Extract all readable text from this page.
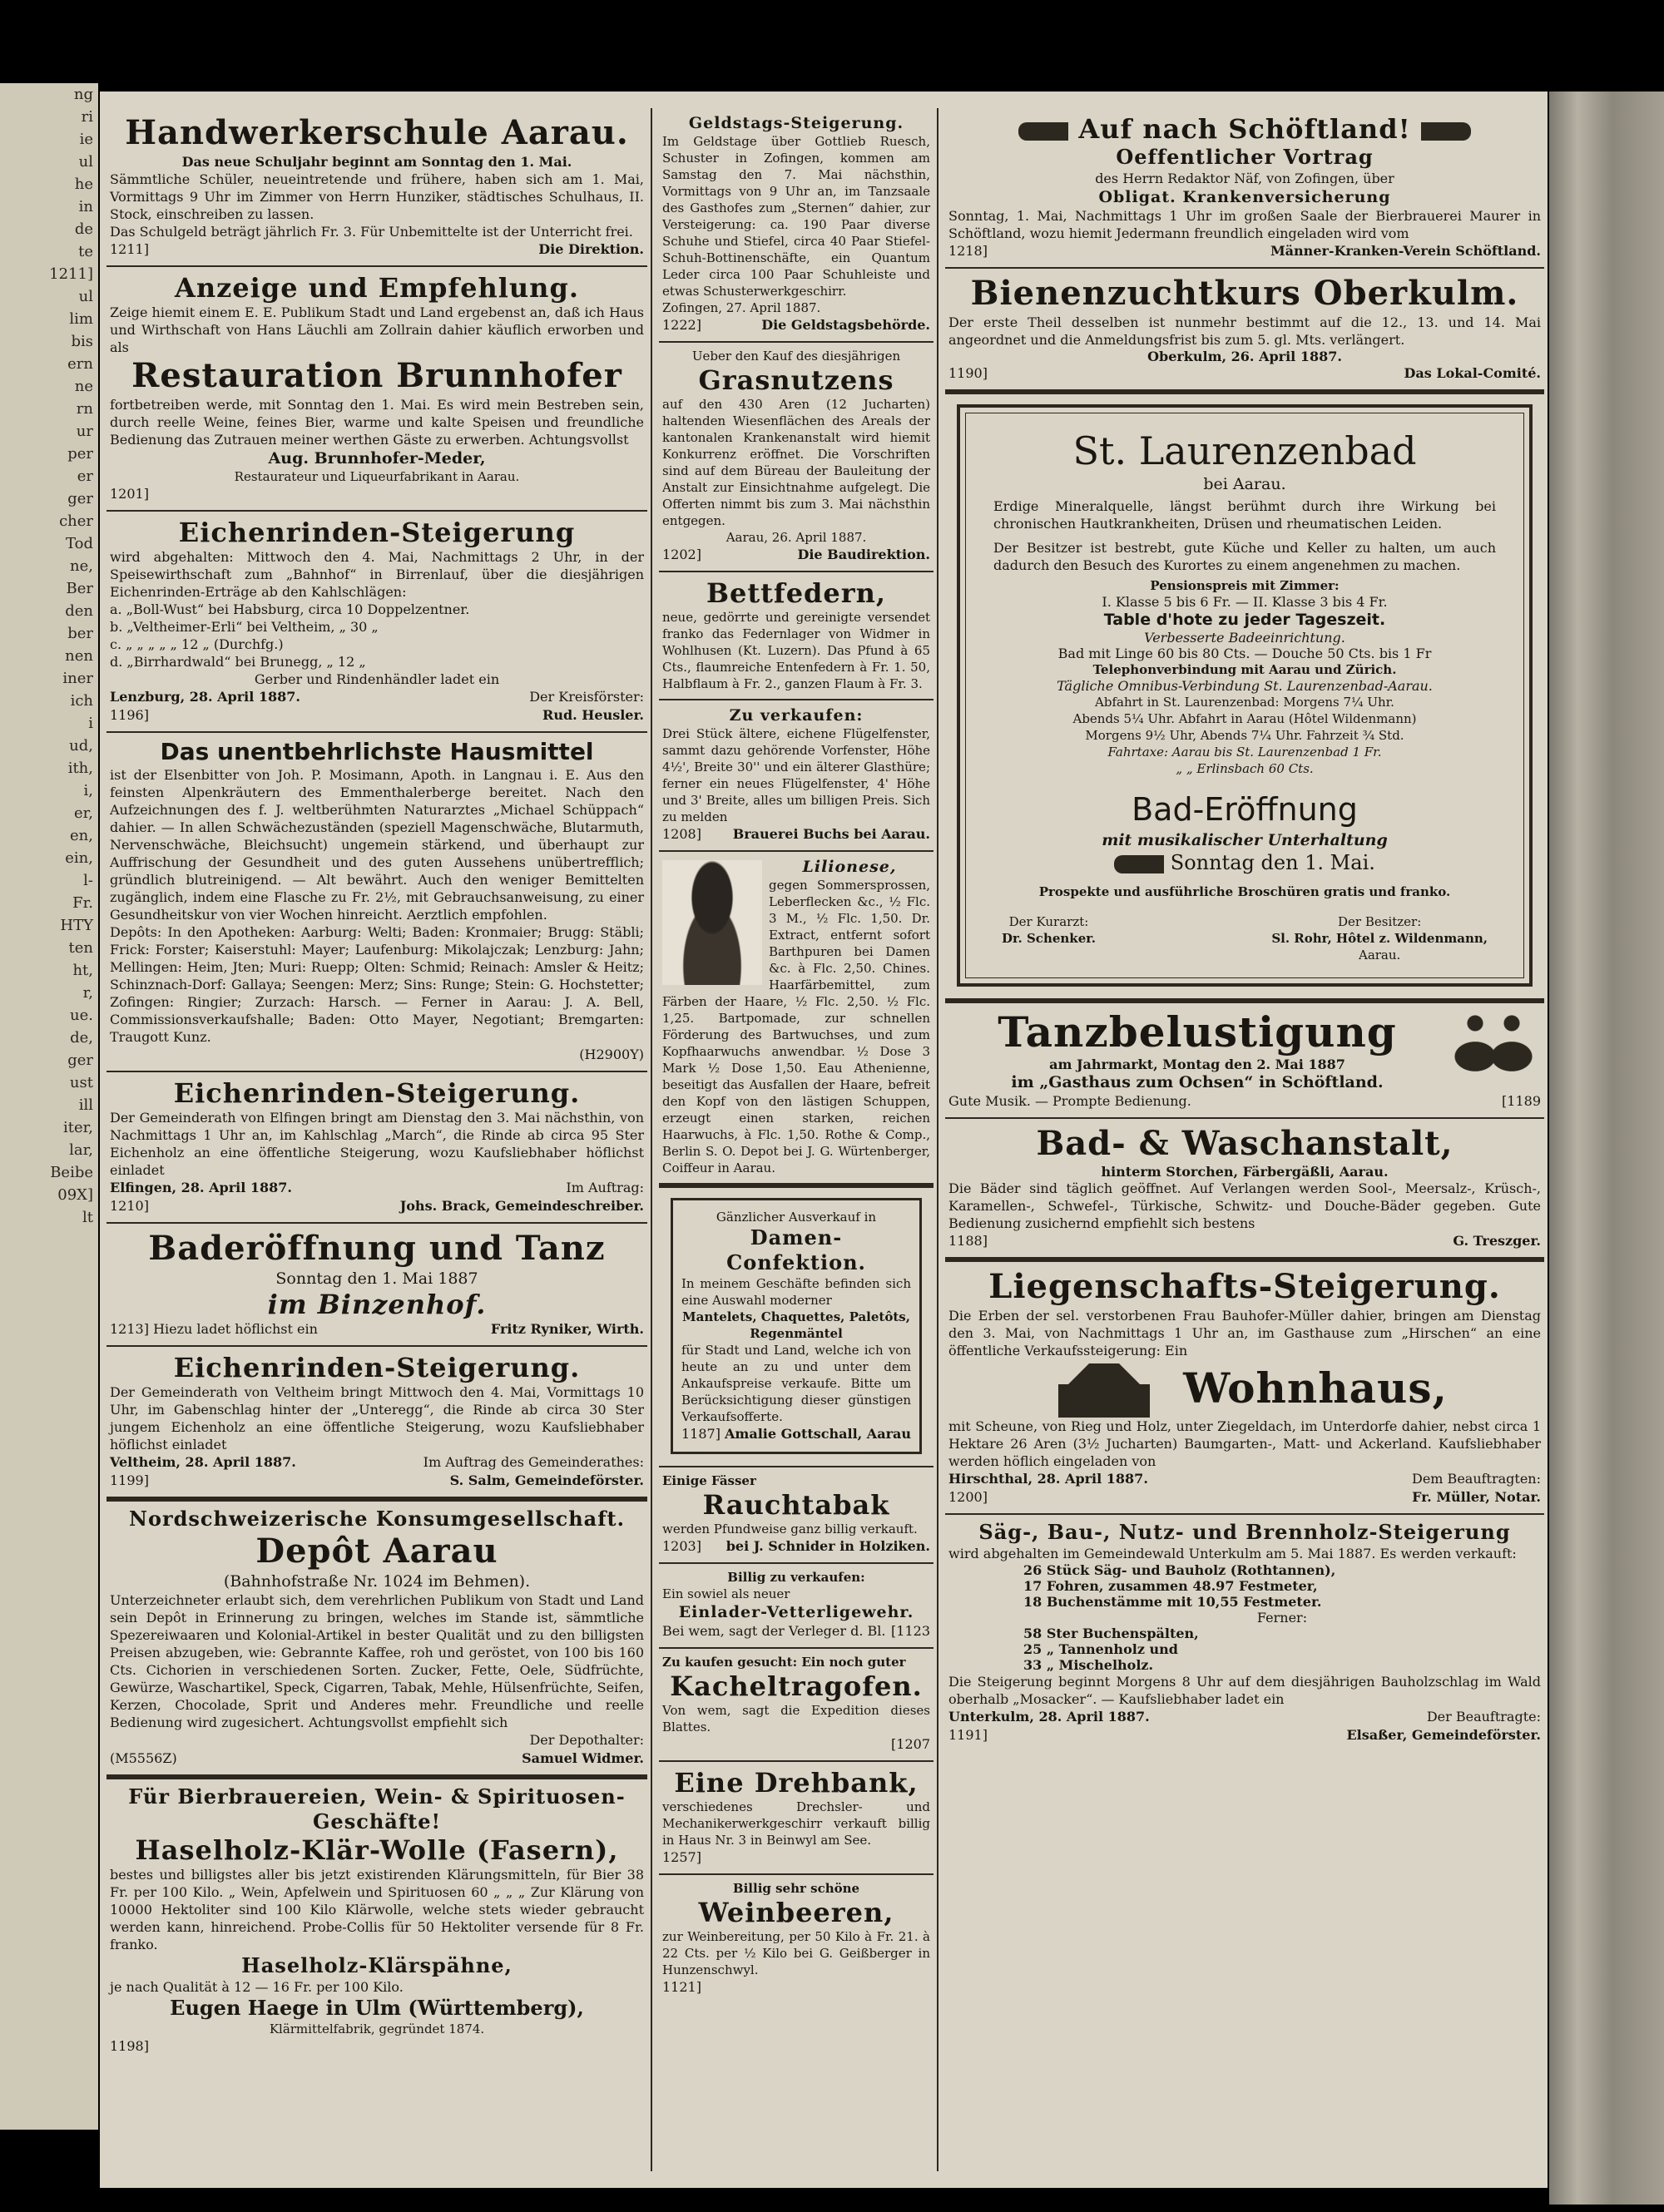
ng
ri
ie
ul
he
in
de
te
1211]
ul
lim
bis
ern
ne
rn
ur
per
er
ger
cher
Tod
ne,
Ber
den
ber
nen
iner
ich
i
ud,
ith,
i,
er,
en,
ein,
l-
Fr.
HTY
ten
ht,
r,
ue.
de,
ger
ust
ill
iter,
lar,
Beibe
09X]
lt
Handwerkerschule Aarau.
Das neue Schuljahr beginnt am Sonntag den 1. Mai.
Sämmtliche Schüler, neueintretende und frühere, haben sich am 1. Mai, Vormittags 9 Uhr im Zimmer von Herrn Hunziker, städtisches Schulhaus, II. Stock, einschreiben zu lassen.
Das Schulgeld beträgt jährlich Fr. 3. Für Unbemittelte ist der Unterricht frei.
1211]	Die Direktion.
Anzeige und Empfehlung.
Zeige hiemit einem E. E. Publikum Stadt und Land ergebenst an, daß ich Haus und Wirthschaft von Hans Läuchli am Zollrain dahier käuflich erworben und als
Restauration Brunnhofer
fortbetreiben werde, mit Sonntag den 1. Mai. Es wird mein Bestreben sein, durch reelle Weine, feines Bier, warme und kalte Speisen und freundliche Bedienung das Zutrauen meiner werthen Gäste zu erwerben. Achtungsvollst
Aug. Brunnhofer-Meder,
Restaurateur und Liqueurfabrikant in Aarau.
1201]
Eichenrinden-Steigerung
wird abgehalten: Mittwoch den 4. Mai, Nachmittags 2 Uhr, in der Speisewirthschaft zum „Bahnhof“ in Birrenlauf, über die diesjährigen Eichenrinden-Erträge ab den Kahlschlägen:
a. „Boll-Wust“ bei Habsburg, circa 10 Doppelzentner.
b. „Veltheimer-Erli“ bei Veltheim, „ 30 „
c. „ „ „ „ „ 12 „ (Durchfg.)
d. „Birrhardwald“ bei Brunegg, „ 12 „
Gerber und Rindenhändler ladet ein
Lenzburg, 28. April 1887.	Der Kreisförster:
1196]	Rud. Heusler.
Das unentbehrlichste Hausmittel
ist der Elsenbitter von Joh. P. Mosimann, Apoth. in Langnau i. E. Aus den feinsten Alpenkräutern des Emmenthalerberge bereitet. Nach den Aufzeichnungen des f. J. weltberühmten Naturarztes „Michael Schüppach“ dahier. — In allen Schwächezuständen (speziell Magenschwäche, Blutarmuth, Nervenschwäche, Bleichsucht) ungemein stärkend, und überhaupt zur Auffrischung der Gesundheit und des guten Aussehens unübertrefflich; gründlich blutreinigend. — Alt bewährt. Auch den weniger Bemittelten zugänglich, indem eine Flasche zu Fr. 2½, mit Gebrauchsanweisung, zu einer Gesundheitskur von vier Wochen hinreicht. Aerztlich empfohlen.
Depôts: In den Apotheken: Aarburg: Welti; Baden: Kronmaier; Brugg: Stäbli; Frick: Forster; Kaiserstuhl: Mayer; Laufenburg: Mikolajczak; Lenzburg: Jahn; Mellingen: Heim, Jten; Muri: Ruepp; Olten: Schmid; Reinach: Amsler & Heitz; Schinznach-Dorf: Gallaya; Seengen: Merz; Sins: Runge; Stein: G. Hochstetter; Zofingen: Ringier; Zurzach: Harsch. — Ferner in Aarau: J. A. Bell, Commissionsverkaufshalle; Baden: Otto Mayer, Negotiant; Bremgarten: Traugott Kunz.
(H2900Y)
Eichenrinden-Steigerung.
Der Gemeinderath von Elfingen bringt am Dienstag den 3. Mai nächsthin, von Nachmittags 1 Uhr an, im Kahlschlag „March“, die Rinde ab circa 95 Ster Eichenholz an eine öffentliche Steigerung, wozu Kaufsliebhaber höflichst einladet
Elfingen, 28. April 1887.	Im Auftrag:
1210]	Johs. Brack, Gemeindeschreiber.
Baderöffnung und Tanz
Sonntag den 1. Mai 1887
im Binzenhof.
1213] Hiezu ladet höflichst ein	Fritz Ryniker, Wirth.
Eichenrinden-Steigerung.
Der Gemeinderath von Veltheim bringt Mittwoch den 4. Mai, Vormittags 10 Uhr, im Gabenschlag hinter der „Unteregg“, die Rinde ab circa 30 Ster jungem Eichenholz an eine öffentliche Steigerung, wozu Kaufsliebhaber höflichst einladet
Veltheim, 28. April 1887.	Im Auftrag des Gemeinderathes:
1199]	S. Salm, Gemeindeförster.
Nordschweizerische Konsumgesellschaft.
Depôt Aarau
(Bahnhofstraße Nr. 1024 im Behmen).
Unterzeichneter erlaubt sich, dem verehrlichen Publikum von Stadt und Land sein Depôt in Erinnerung zu bringen, welches im Stande ist, sämmtliche Spezereiwaaren und Kolonial-Artikel in bester Qualität und zu den billigsten Preisen abzugeben, wie: Gebrannte Kaffee, roh und geröstet, von 100 bis 160 Cts. Cichorien in verschiedenen Sorten. Zucker, Fette, Oele, Südfrüchte, Gewürze, Waschartikel, Speck, Cigarren, Tabak, Mehle, Hülsenfrüchte, Seifen, Kerzen, Chocolade, Sprit und Anderes mehr. Freundliche und reelle Bedienung wird zugesichert. Achtungsvollst empfiehlt sich
Der Depothalter:
(M5556Z)	Samuel Widmer.
Für Bierbrauereien, Wein- & Spirituosen-Geschäfte!
Haselholz-Klär-Wolle (Fasern),
bestes und billigstes aller bis jetzt existirenden Klärungsmitteln, für Bier 38 Fr. per 100 Kilo. „ Wein, Apfelwein und Spirituosen 60 „ „ „ Zur Klärung von 10000 Hektoliter sind 100 Kilo Klärwolle, welche stets wieder gebraucht werden kann, hinreichend. Probe-Collis für 50 Hektoliter versende für 8 Fr. franko.
Haselholz-Klärspähne,
je nach Qualität à 12 — 16 Fr. per 100 Kilo.
Eugen Haege in Ulm (Württemberg),
Klärmittelfabrik, gegründet 1874.
1198]
Geldstags-Steigerung.
Im Geldstage über Gottlieb Ruesch, Schuster in Zofingen, kommen am Samstag den 7. Mai nächsthin, Vormittags von 9 Uhr an, im Tanzsaale des Gasthofes zum „Sternen“ dahier, zur Versteigerung: ca. 190 Paar diverse Schuhe und Stiefel, circa 40 Paar Stiefel-Schuh-Bottinenschäfte, ein Quantum Leder circa 100 Paar Schuhleiste und etwas Schusterwerkgeschirr.
Zofingen, 27. April 1887.
1222]	Die Geldstagsbehörde.
Ueber den Kauf des diesjährigen
Grasnutzens
auf den 430 Aren (12 Jucharten) haltenden Wiesenflächen des Areals der kantonalen Krankenanstalt wird hiemit Konkurrenz eröffnet. Die Vorschriften sind auf dem Büreau der Bauleitung der Anstalt zur Einsichtnahme aufgelegt. Die Offerten nimmt bis zum 3. Mai nächsthin entgegen.
Aarau, 26. April 1887.
1202]	Die Baudirektion.
Bettfedern,
neue, gedörrte und gereinigte versendet franko das Federnlager von Widmer in Wohlhusen (Kt. Luzern). Das Pfund à 65 Cts., flaumreiche Entenfedern à Fr. 1. 50, Halbflaum à Fr. 2., ganzen Flaum à Fr. 3.
Zu verkaufen:
Drei Stück ältere, eichene Flügelfenster, sammt dazu gehörende Vorfenster, Höhe 4½', Breite 30'' und ein älterer Glasthüre; ferner ein neues Flügelfenster, 4' Höhe und 3' Breite, alles um billigen Preis. Sich zu melden
1208] Brauerei Buchs bei Aarau.
Lilionese,
gegen Sommersprossen, Leberflecken &c., ½ Flc. 3 M., ½ Flc. 1,50. Dr. Extract, entfernt sofort Barthpuren bei Damen &c. à Flc. 2,50. Chines. Haarfärbemittel, zum Färben der Haare, ½ Flc. 2,50. ½ Flc. 1,25. Bartpomade, zur schnellen Förderung des Bartwuchses, und zum Kopfhaarwuchs anwendbar. ½ Dose 3 Mark ½ Dose 1,50. Eau Athenienne, beseitigt das Ausfallen der Haare, befreit den Kopf von den lästigen Schuppen, erzeugt einen starken, reichen Haarwuchs, à Flc. 1,50. Rothe & Comp., Berlin S. O. Depot bei J. G. Würtenberger, Coiffeur in Aarau.
Gänzlicher Ausverkauf in
Damen-Confektion.
In meinem Geschäfte befinden sich eine Auswahl moderner
Mantelets, Chaquettes, Paletôts, Regenmäntel
für Stadt und Land, welche ich von heute an zu und unter dem Ankaufspreise verkaufe. Bitte um Berücksichtigung dieser günstigen Verkaufsofferte.
1187] Amalie Gottschall, Aarau
Einige Fässer
Rauchtabak
werden Pfundweise ganz billig verkauft.
1203] bei J. Schnider in Holziken.
Billig zu verkaufen:
Ein sowiel als neuer
Einlader-Vetterligewehr.
Bei wem, sagt der Verleger d. Bl. [1123
Zu kaufen gesucht: Ein noch guter
Kacheltragofen.
Von wem, sagt die Expedition dieses Blattes.
[1207
Eine Drehbank,
verschiedenes Drechsler- und Mechanikerwerkgeschirr verkauft billig in Haus Nr. 3 in Beinwyl am See.
1257]
Billig sehr schöne
Weinbeeren,
zur Weinbereitung, per 50 Kilo à Fr. 21. à 22 Cts. per ½ Kilo bei G. Geißberger in Hunzenschwyl.
1121]
Auf nach Schöftland!
Oeffentlicher Vortrag
des Herrn Redaktor Näf, von Zofingen, über
Obligat. Krankenversicherung
Sonntag, 1. Mai, Nachmittags 1 Uhr im großen Saale der Bierbrauerei Maurer in Schöftland, wozu hiemit Jedermann freundlich eingeladen wird vom
1218]	Männer-Kranken-Verein Schöftland.
Bienenzuchtkurs Oberkulm.
Der erste Theil desselben ist nunmehr bestimmt auf die 12., 13. und 14. Mai angeordnet und die Anmeldungsfrist bis zum 5. gl. Mts. verlängert.
Oberkulm, 26. April 1887.
1190]	Das Lokal-Comité.
St. Laurenzenbad
bei Aarau.
Erdige Mineralquelle, längst berühmt durch ihre Wirkung bei chronischen Hautkrankheiten, Drüsen und rheumatischen Leiden.
Der Besitzer ist bestrebt, gute Küche und Keller zu halten, um auch dadurch den Besuch des Kurortes zu einem angenehmen zu machen.
Pensionspreis mit Zimmer:
I. Klasse 5 bis 6 Fr. — II. Klasse 3 bis 4 Fr.
Table d'hote zu jeder Tageszeit.
Verbesserte Badeeinrichtung.
Bad mit Linge 60 bis 80 Cts. — Douche 50 Cts. bis 1 Fr
Telephonverbindung mit Aarau und Zürich.
Tägliche Omnibus-Verbindung St. Laurenzenbad-Aarau.
Abfahrt in St. Laurenzenbad: Morgens 7¼ Uhr.
Abends 5¼ Uhr. Abfahrt in Aarau (Hôtel Wildenmann)
Morgens 9½ Uhr, Abends 7¼ Uhr. Fahrzeit ¾ Std.
Fahrtaxe: Aarau bis St. Laurenzenbad 1 Fr.
„ „ Erlinsbach 60 Cts.
Bad-Eröffnung
mit musikalischer Unterhaltung
Sonntag den 1. Mai.
Prospekte und ausführliche Broschüren gratis und franko.
Der Kurarzt:
Dr. Schenker.
Der Besitzer:
Sl. Rohr, Hôtel z. Wildenmann,
Aarau.
Tanzbelustigung
am Jahrmarkt, Montag den 2. Mai 1887
im „Gasthaus zum Ochsen“ in Schöftland.
Gute Musik. — Prompte Bedienung.	[1189
Bad- & Waschanstalt,
hinterm Storchen, Färbergäßli, Aarau.
Die Bäder sind täglich geöffnet. Auf Verlangen werden Sool-, Meersalz-, Krüsch-, Karamellen-, Schwefel-, Türkische, Schwitz- und Douche-Bäder gegeben. Gute Bedienung zusichernd empfiehlt sich bestens
1188]	G. Treszger.
Liegenschafts-Steigerung.
Die Erben der sel. verstorbenen Frau Bauhofer-Müller dahier, bringen am Dienstag den 3. Mai, von Nachmittags 1 Uhr an, im Gasthause zum „Hirschen“ an eine öffentliche Verkaufssteigerung: Ein
Wohnhaus,
mit Scheune, von Rieg und Holz, unter Ziegeldach, im Unterdorfe dahier, nebst circa 1 Hektare 26 Aren (3½ Jucharten) Baumgarten-, Matt- und Ackerland. Kaufsliebhaber werden höflich eingeladen von
Hirschthal, 28. April 1887.	Dem Beauftragten:
1200]	Fr. Müller, Notar.
Säg-, Bau-, Nutz- und Brennholz-Steigerung
wird abgehalten im Gemeindewald Unterkulm am 5. Mai 1887. Es werden verkauft:
26 Stück Säg- und Bauholz (Rothtannen),
17 Fohren, zusammen 48.97 Festmeter,
18 Buchenstämme mit 10,55 Festmeter.
Ferner:
58 Ster Buchenspälten,
25 „ Tannenholz und
33 „ Mischelholz.
Die Steigerung beginnt Morgens 8 Uhr auf dem diesjährigen Bauholzschlag im Wald oberhalb „Mosacker“. — Kaufsliebhaber ladet ein
Unterkulm, 28. April 1887.	Der Beauftragte:
1191]	Elsaßer, Gemeindeförster.
